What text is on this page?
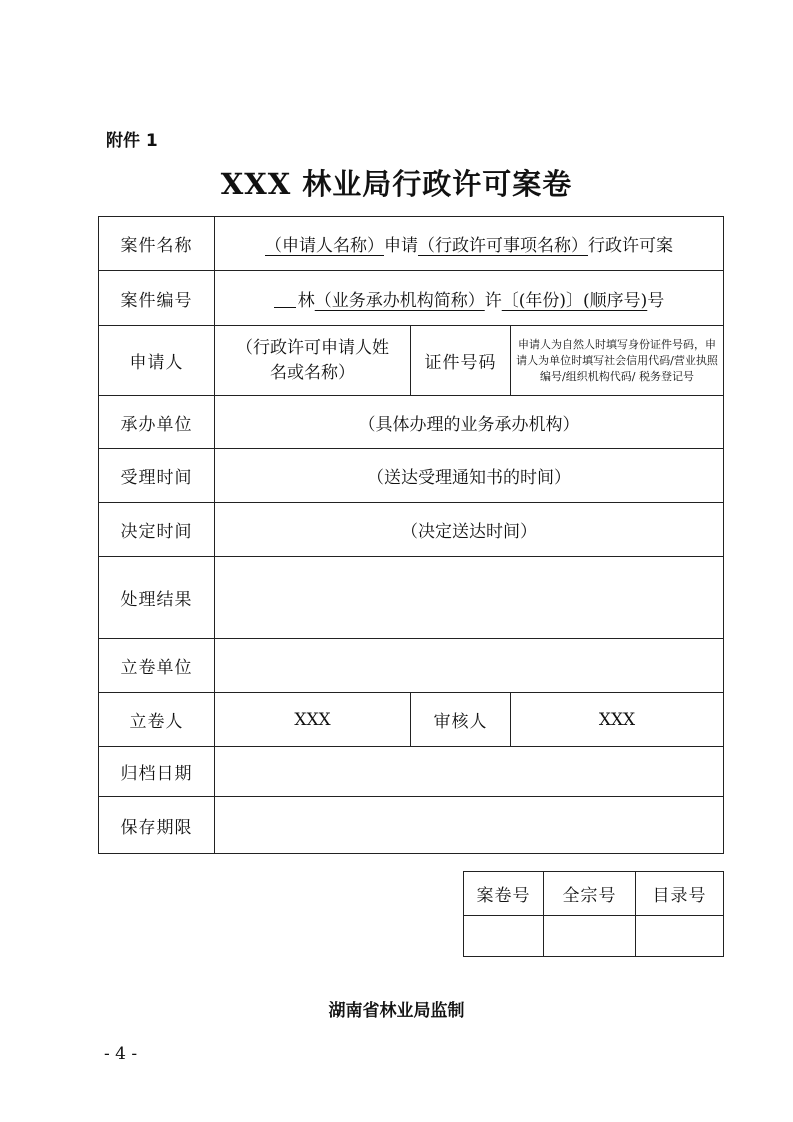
附件 1
XXX 林业局行政许可案卷
案件名称	（申请人名称）申请（行政许可事项名称）行政许可案		
案件编号	林（业务承办机构简称）许〔(年份)〕(顺序号)号		
申请人	（行政许可申请人姓名或名称）	证件号码	申请人为自然人时填写身份证件号码，申请人为单位时填写社会信用代码/营业执照编号/组织机构代码/ 税务登记号
承办单位	（具体办理的业务承办机构）		
受理时间	（送达受理通知书的时间）		
决定时间	（决定送达时间）		
处理结果			
立卷单位			
立卷人	XXX	审核人	XXX
归档日期			
保存期限			
案卷号	全宗号	目录号

湖南省林业局监制
- 4 -
